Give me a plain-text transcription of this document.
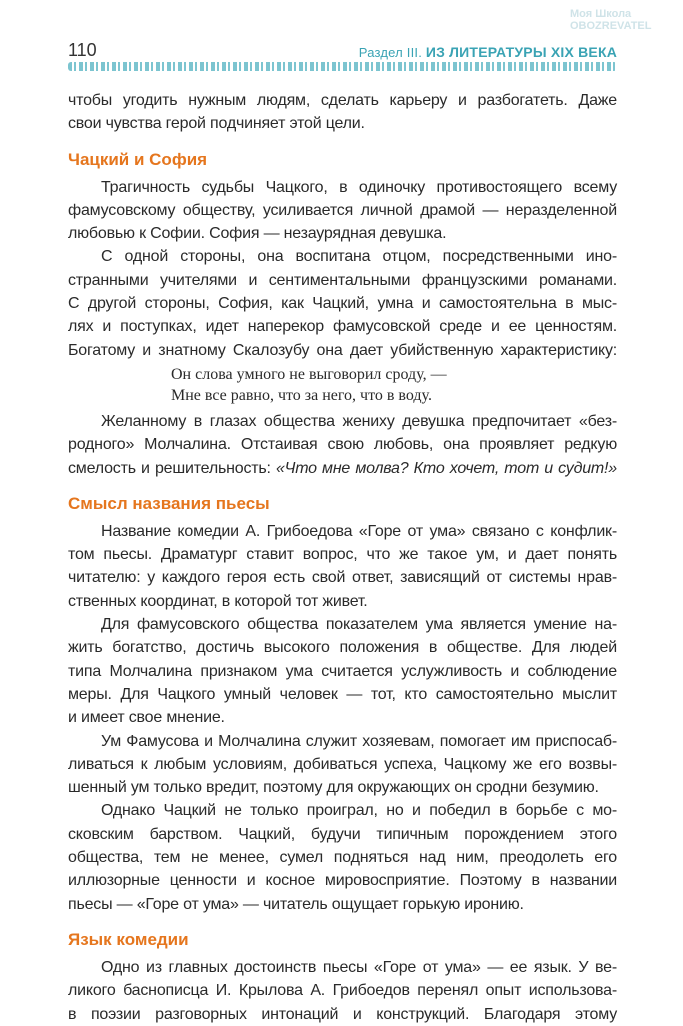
110	Раздел III. ИЗ ЛИТЕРАТУРЫ XIX ВЕКА
Моя Школа OBOZREVATEL
чтобы угодить нужным людям, сделать карьеру и разбогатеть. Даже
свои чувства герой подчиняет этой цели.
Чацкий и София
Трагичность судьбы Чацкого, в одиночку противостоящего всему
фамусовскому обществу, усиливается личной драмой — неразделенной
любовью к Софии. София — незаурядная девушка.
С одной стороны, она воспитана отцом, посредственными ино-
странными учителями и сентиментальными французскими романами.
С другой стороны, София, как Чацкий, умна и самостоятельна в мыс-
лях и поступках, идет наперекор фамусовской среде и ее ценностям.
Богатому и знатному Скалозубу она дает убийственную характеристику:
Он слова умного не выговорил сроду, —
Мне все равно, что за него, что в воду.
Желанному в глазах общества жениху девушка предпочитает «без-
родного» Молчалина. Отстаивая свою любовь, она проявляет редкую
смелость и решительность: «Что мне молва? Кто хочет, тот и судит!»
Смысл названия пьесы
Название комедии А. Грибоедова «Горе от ума» связано с конфлик-
том пьесы. Драматург ставит вопрос, что же такое ум, и дает понять
читателю: у каждого героя есть свой ответ, зависящий от системы нрав-
ственных координат, в которой тот живет.
Для фамусовского общества показателем ума является умение на-
жить богатство, достичь высокого положения в обществе. Для людей
типа Молчалина признаком ума считается услужливость и соблюдение
меры. Для Чацкого умный человек — тот, кто самостоятельно мыслит
и имеет свое мнение.
Ум Фамусова и Молчалина служит хозяевам, помогает им приспосаб-
ливаться к любым условиям, добиваться успеха, Чацкому же его возвы-
шенный ум только вредит, поэтому для окружающих он сродни безумию.
Однако Чацкий не только проиграл, но и победил в борьбе с мо-
сковским барством. Чацкий, будучи типичным порождением этого
общества, тем не менее, сумел подняться над ним, преодолеть его
иллюзорные ценности и косное мировосприятие. Поэтому в названии
пьесы — «Горе от ума» — читатель ощущает горькую иронию.
Язык комедии
Одно из главных достоинств пьесы «Горе от ума» — ее язык. У ве-
ликого баснописца И. Крылова А. Грибоедов перенял опыт использова-
в поэзии разговорных интонаций и конструкций. Благодаря этому
